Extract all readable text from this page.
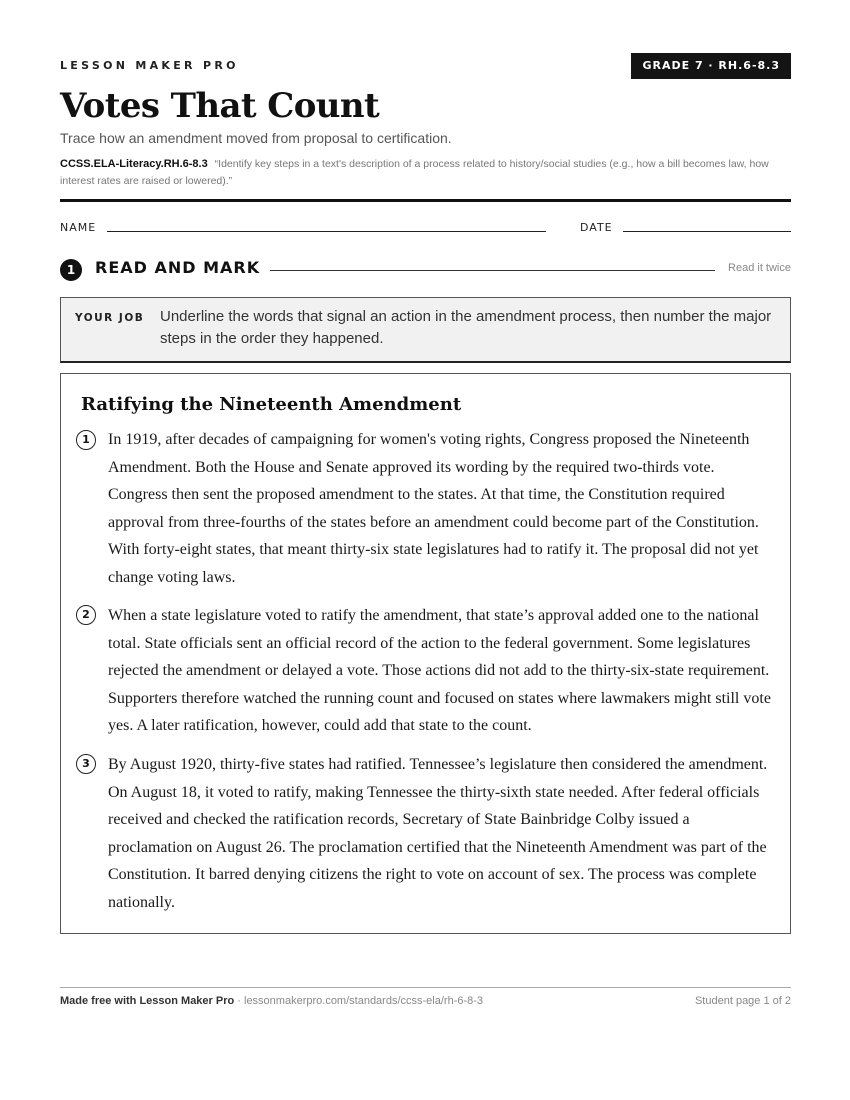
LESSON MAKER PRO	GRADE 7 · RH.6-8.3
Votes That Count
Trace how an amendment moved from proposal to certification.
CCSS.ELA-Literacy.RH.6-8.3 “Identify key steps in a text's description of a process related to history/social studies (e.g., how a bill becomes law, how interest rates are raised or lowered).”
NAME	DATE
1	READ AND MARK	Read it twice
YOUR JOB Underline the words that signal an action in the amendment process, then number the major steps in the order they happened.
Ratifying the Nineteenth Amendment
1	In 1919, after decades of campaigning for women's voting rights, Congress proposed the Nineteenth Amendment. Both the House and Senate approved its wording by the required two-thirds vote. Congress then sent the proposed amendment to the states. At that time, the Constitution required approval from three-fourths of the states before an amendment could become part of the Constitution. With forty-eight states, that meant thirty-six state legislatures had to ratify it. The proposal did not yet change voting laws.
2	When a state legislature voted to ratify the amendment, that state’s approval added one to the national total. State officials sent an official record of the action to the federal government. Some legislatures rejected the amendment or delayed a vote. Those actions did not add to the thirty-six-state requirement. Supporters therefore watched the running count and focused on states where lawmakers might still vote yes. A later ratification, however, could add that state to the count.
3	By August 1920, thirty-five states had ratified. Tennessee’s legislature then considered the amendment. On August 18, it voted to ratify, making Tennessee the thirty-sixth state needed. After federal officials received and checked the ratification records, Secretary of State Bainbridge Colby issued a proclamation on August 26. The proclamation certified that the Nineteenth Amendment was part of the Constitution. It barred denying citizens the right to vote on account of sex. The process was complete nationally.
Made free with Lesson Maker Pro · lessonmakerpro.com/standards/ccss-ela/rh-6-8-3	Student page 1 of 2
